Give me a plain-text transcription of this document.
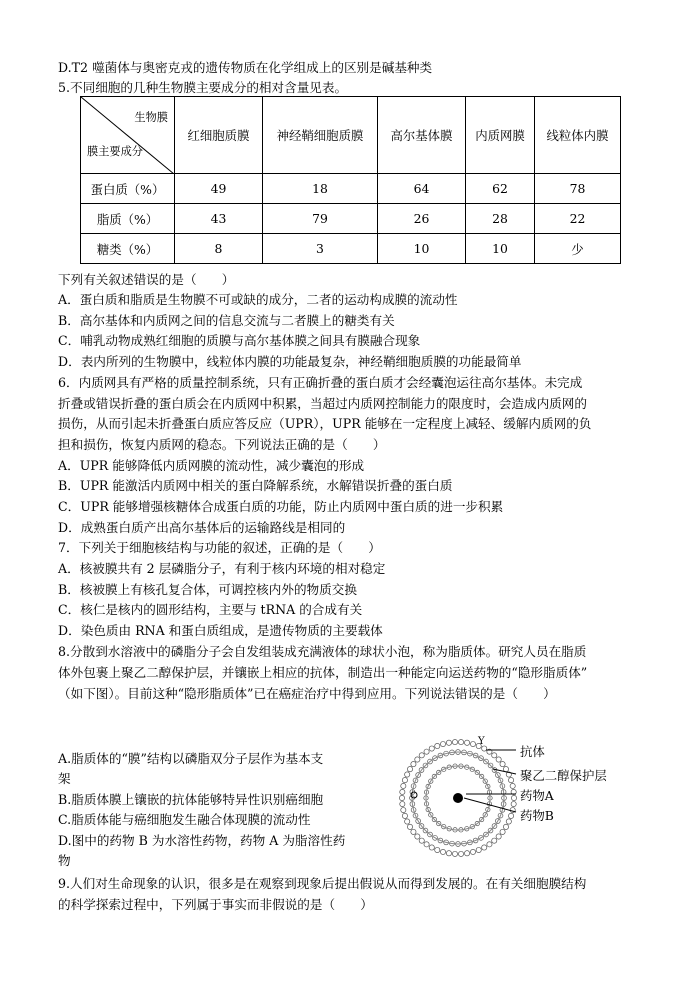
D.T2 噬菌体与奥密克戎的遗传物质在化学组成上的区别是碱基种类
5.不同细胞的几种生物膜主要成分的相对含量见表。
生物膜
膜主要成分	红细胞质膜	神经鞘细胞质膜	高尔基体膜	内质网膜	线粒体内膜
蛋白质（%）	49	18	64	62	78
脂质（%）	43	79	26	28	22
糖类（%）	8	3	10	10	少
下列有关叙述错误的是（　　）
A．蛋白质和脂质是生物膜不可或缺的成分，二者的运动构成膜的流动性
B．高尔基体和内质网之间的信息交流与二者膜上的糖类有关
C．哺乳动物成熟红细胞的质膜与高尔基体膜之间具有膜融合现象
D．表内所列的生物膜中，线粒体内膜的功能最复杂，神经鞘细胞质膜的功能最简单
6．内质网具有严格的质量控制系统，只有正确折叠的蛋白质才会经囊泡运往高尔基体。未完成
折叠或错误折叠的蛋白质会在内质网中积累，当超过内质网控制能力的限度时，会造成内质网的
损伤，从而引起未折叠蛋白质应答反应（UPR），UPR 能够在一定程度上减轻、缓解内质网的负
担和损伤，恢复内质网的稳态。下列说法正确的是（　　）
A．UPR 能够降低内质网膜的流动性，减少囊泡的形成
B．UPR 能激活内质网中相关的蛋白降解系统，水解错误折叠的蛋白质
C．UPR 能够增强核糖体合成蛋白质的功能，防止内质网中蛋白质的进一步积累
D．成熟蛋白质产出高尔基体后的运输路线是相同的
7．下列关于细胞核结构与功能的叙述，正确的是（　　）
A．核被膜共有 2 层磷脂分子，有利于核内环境的相对稳定
B．核被膜上有核孔复合体，可调控核内外的物质交换
C．核仁是核内的圆形结构，主要与 tRNA 的合成有关
D．染色质由 RNA 和蛋白质组成，是遗传物质的主要载体
8.分散到水溶液中的磷脂分子会自发组装成充满液体的球状小泡，称为脂质体。研究人员在脂质
体外包裹上聚乙二醇保护层，并镶嵌上相应的抗体，制造出一种能定向运送药物的“隐形脂质体”
（如下图）。目前这种“隐形脂质体”已在癌症治疗中得到应用。下列说法错误的是（　　）
A.脂质体的“膜”结构以磷脂双分子层作为基本支
架
B.脂质体膜上镶嵌的抗体能够特异性识别癌细胞
C.脂质体能与癌细胞发生融合体现膜的流动性
D.图中的药物 B 为水溶性药物，药物 A 为脂溶性药
物
9.人们对生命现象的认识，很多是在观察到现象后提出假说从而得到发展的。在有关细胞膜结构
的科学探索过程中，下列属于事实而非假说的是（　　）
Y
抗体
聚乙二醇保护层
药物A
药物B
